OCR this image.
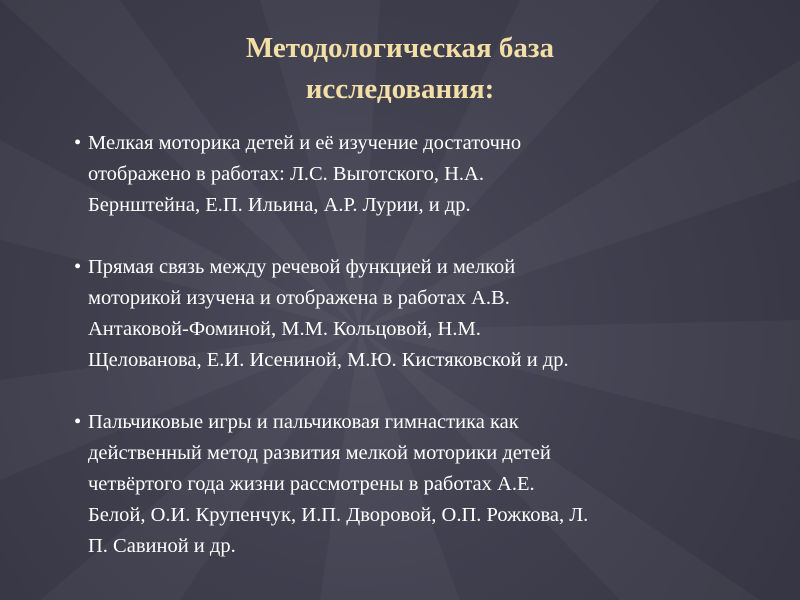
Методологическая база
исследования:
• Мелкая моторика детей и её изучение достаточно
отображено в работах: Л.С. Выготского, Н.А.
Бернштейна, Е.П. Ильина, А.Р. Лурии, и др.
• Прямая связь между речевой функцией и мелкой
моторикой изучена и отображена в работах А.В.
Антаковой-Фоминой, М.М. Кольцовой, Н.М.
Щелованова, Е.И. Исениной, М.Ю. Кистяковской и др.
• Пальчиковые игры и пальчиковая гимнастика как
действенный метод развития мелкой моторики детей
четвёртого года жизни рассмотрены в работах А.Е.
Белой, О.И. Крупенчук, И.П. Дворовой, О.П. Рожкова, Л.
П. Савиной и др.
